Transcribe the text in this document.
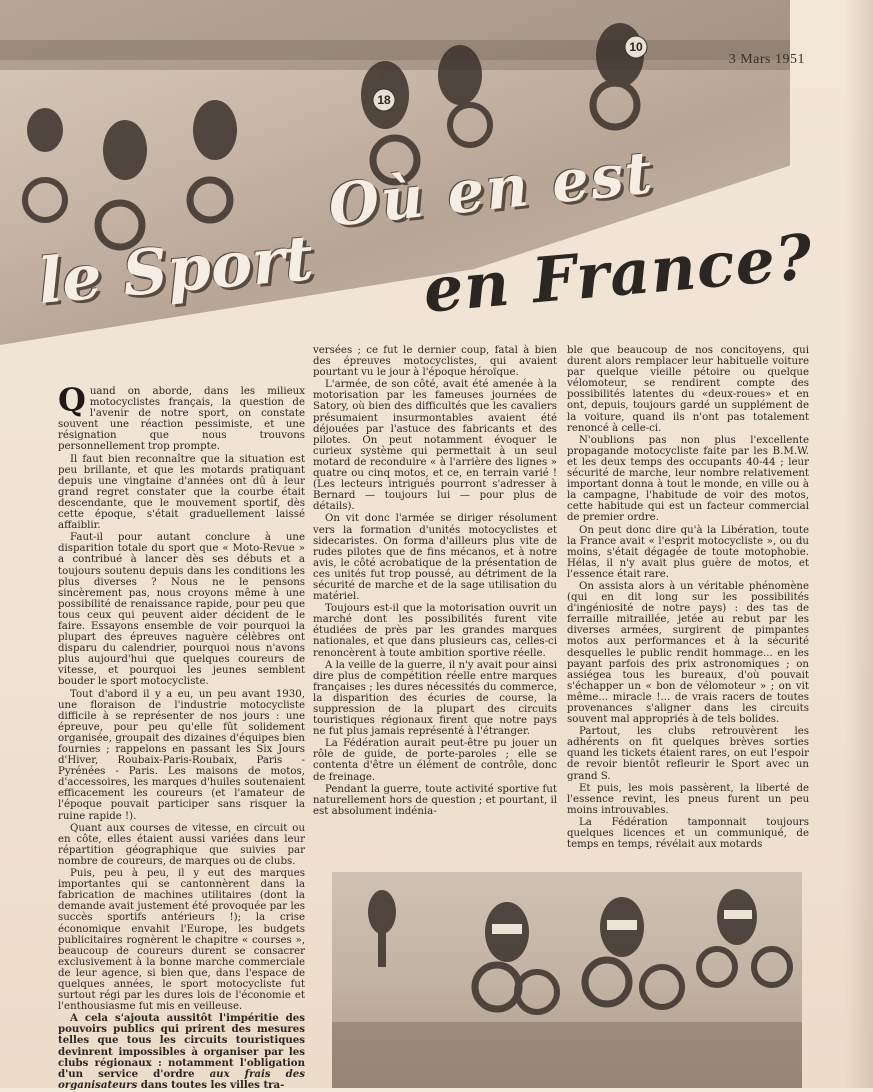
18
10
3 Mars 1951
Où en est
le Sport en France?

Quand on aborde, dans les milieux motocyclistes français, la question de l'avenir de notre sport, on constate souvent une réaction pessimiste, et une résignation que nous trouvons personnellement trop prompte.

Il faut bien reconnaître que la situation est peu brillante, et que les motards pratiquant depuis une vingtaine d'années ont dû à leur grand regret constater que la courbe était descendante, que le mouvement sportif, dès cette époque, s'était graduellement laissé affaiblir.

Faut-il pour autant conclure à une disparition totale du sport que « Moto-Revue » a contribué à lancer dès ses débuts et a toujours soutenu depuis dans les conditions les plus diverses ? Nous ne le pensons sincèrement pas, nous croyons même à une possibilité de renaissance rapide, pour peu que tous ceux qui peuvent aider décident de le faire. Essayons ensemble de voir pourquoi la plupart des épreuves naguère célèbres ont disparu du calendrier, pourquoi nous n'avons plus aujourd'hui que quelques coureurs de vitesse, et pourquoi les jeunes semblent bouder le sport motocycliste.

Tout d'abord il y a eu, un peu avant 1930, une floraison de l'industrie motocycliste difficile à se représenter de nos jours : une épreuve, pour peu qu'elle fût solidement organisée, groupait des dizaines d'équipes bien fournies ; rappelons en passant les Six Jours d'Hiver, Roubaix-Paris-Roubaix, Paris - Pyrénées - Paris. Les maisons de motos, d'accessoires, les marques d'huiles soutenaient efficacement les coureurs (et l'amateur de l'époque pouvait participer sans risquer la ruine rapide !).

Quant aux courses de vitesse, en circuit ou en côte, elles étaient aussi variées dans leur répartition géographique que suivies par nombre de coureurs, de marques ou de clubs.

Puis, peu à peu, il y eut des marques importantes qui se cantonnèrent dans la fabrication de machines utilitaires (dont la demande avait justement été provoquée par les succès sportifs antérieurs !); la crise économique envahit l'Europe, les budgets publicitaires rognèrent le chapitre « courses », beaucoup de coureurs durent se consacrer exclusivement à la bonne marche commerciale de leur agence, si bien que, dans l'espace de quelques années, le sport motocycliste fut surtout régi par les dures lois de l'économie et l'enthousiasme fut mis en veilleuse.

A cela s'ajouta aussitôt l'impéritie des pouvoirs publics qui prirent des mesures telles que tous les circuits touristiques devinrent impossibles à organiser par les clubs régionaux : notamment l'obligation d'un service d'ordre aux frais des organisateurs dans toutes les villes tra-

versées ; ce fut le dernier coup, fatal à bien des épreuves motocyclistes, qui avaient pourtant vu le jour à l'époque héroïque.

L'armée, de son côté, avait été amenée à la motorisation par les fameuses journées de Satory, où bien des difficultés que les cavaliers présumaient insurmontables avaient été déjouées par l'astuce des fabricants et des pilotes. On peut notamment évoquer le curieux système qui permettait à un seul motard de reconduire « à l'arrière des lignes » quatre ou cinq motos, et ce, en terrain varié ! (Les lecteurs intrigués pourront s'adresser à Bernard — toujours lui — pour plus de détails).

On vit donc l'armée se diriger résolument vers la formation d'unités motocyclistes et sidecaristes. On forma d'ailleurs plus vite de rudes pilotes que de fins mécanos, et à notre avis, le côté acrobatique de la présentation de ces unités fut trop poussé, au détriment de la sécurité de marche et de la sage utilisation du matériel.

Toujours est-il que la motorisation ouvrit un marché dont les possibilités furent vite étudiées de près par les grandes marques nationales, et que dans plusieurs cas, celles-ci renoncèrent à toute ambition sportive réelle.

A la veille de la guerre, il n'y avait pour ainsi dire plus de compétition réelle entre marques françaises ; les dures nécessités du commerce, la disparition des écuries de course, la suppression de la plupart des circuits touristiques régionaux firent que notre pays ne fut plus jamais représenté à l'étranger.

La Fédération aurait peut-être pu jouer un rôle de guide, de porte-paroles ; elle se contenta d'être un élément de contrôle, donc de freinage.

Pendant la guerre, toute activité sportive fut naturellement hors de question ; et pourtant, il est absolument indénia-

ble que beaucoup de nos concitoyens, qui durent alors remplacer leur habituelle voiture par quelque vieille pétoire ou quelque vélomoteur, se rendirent compte des possibilités latentes du «deux-roues» et en ont, depuis, toujours gardé un supplément de la voiture, quand ils n'ont pas totalement renoncé à celle-ci.

N'oublions pas non plus l'excellente propagande motocycliste faite par les B.M.W. et les deux temps des occupants 40-44 ; leur sécurité de marche, leur nombre relativement important donna à tout le monde, en ville ou à la campagne, l'habitude de voir des motos, cette habitude qui est un facteur commercial de premier ordre.

On peut donc dire qu'à la Libération, toute la France avait « l'esprit motocycliste », ou du moins, s'était dégagée de toute motophobie. Hélas, il n'y avait plus guère de motos, et l'essence était rare.

On assista alors à un véritable phénomène (qui en dit long sur les possibilités d'ingéniosité de notre pays) : des tas de ferraille mitraillée, jetée au rebut par les diverses armées, surgirent de pimpantes motos aux performances et à la sécurité desquelles le public rendit hommage... en les payant parfois des prix astronomiques ; on assiégea tous les bureaux, d'où pouvait s'échapper un « bon de vélomoteur » ; on vit même... miracle !... de vrais racers de toutes provenances s'aligner dans les circuits souvent mal appropriés à de tels bolides.

Partout, les clubs retrouvèrent les adhérents on fit quelques brèves sorties quand les tickets étaient rares, on eut l'espoir de revoir bientôt refleurir le Sport avec un grand S.

Et puis, les mois passèrent, la liberté de l'essence revint, les pneus furent un peu moins introuvables.

La Fédération tamponnait toujours quelques licences et un communiqué, de temps en temps, révélait aux motards
